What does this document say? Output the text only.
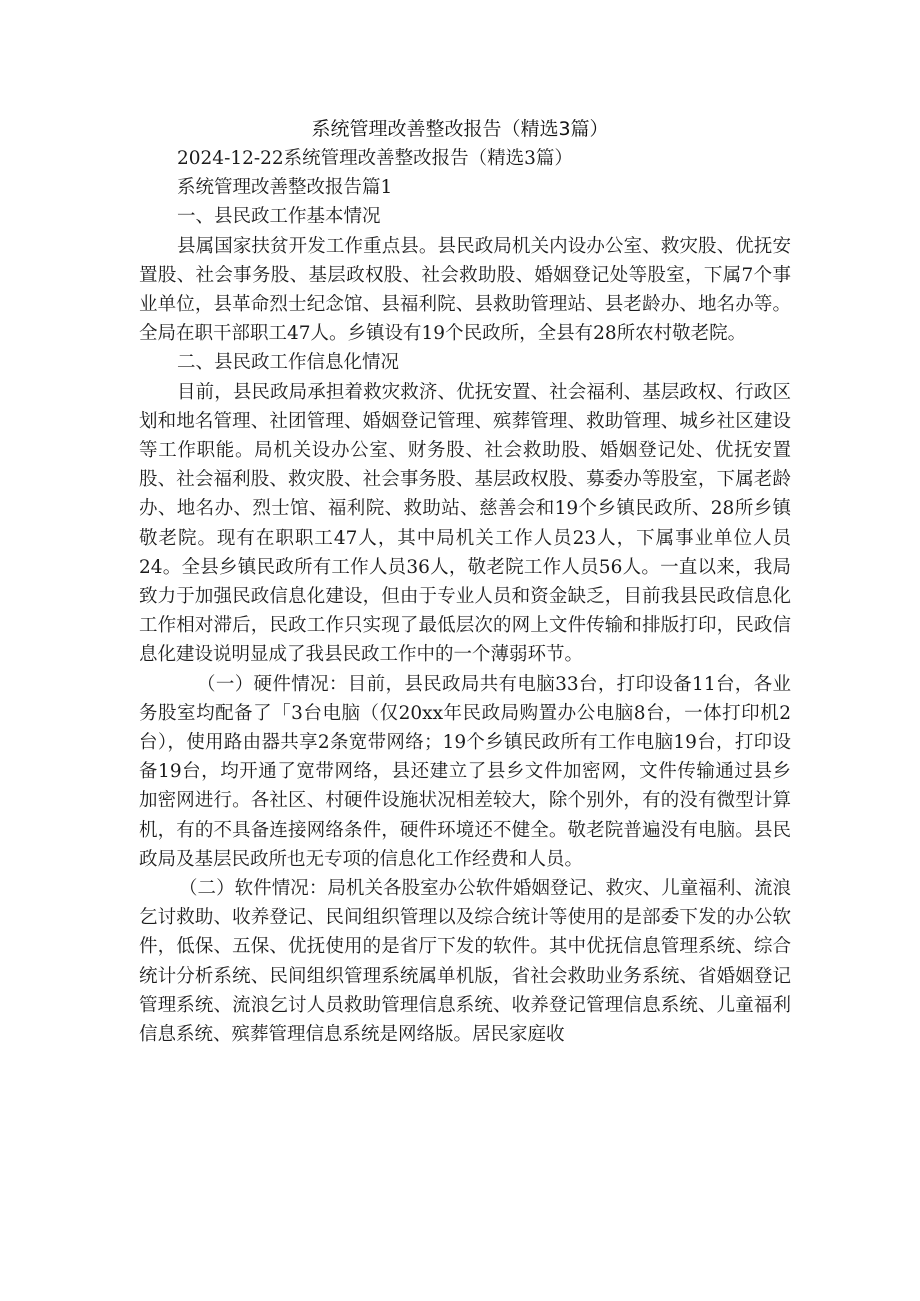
系统管理改善整改报告（精选3篇）

2024-12-22系统管理改善整改报告（精选3篇）

系统管理改善整改报告篇1

一、县民政工作基本情况

县属国家扶贫开发工作重点县。县民政局机关内设办公室、救灾股、优抚安置股、社会事务股、基层政权股、社会救助股、婚姻登记处等股室，下属7个事业单位，县革命烈士纪念馆、县福利院、县救助管理站、县老龄办、地名办等。全局在职干部职工47人。乡镇设有19个民政所，全县有28所农村敬老院。

二、县民政工作信息化情况

目前，县民政局承担着救灾救济、优抚安置、社会福利、基层政权、行政区划和地名管理、社团管理、婚姻登记管理、殡葬管理、救助管理、城乡社区建设等工作职能。局机关设办公室、财务股、社会救助股、婚姻登记处、优抚安置股、社会福利股、救灾股、社会事务股、基层政权股、募委办等股室，下属老龄办、地名办、烈士馆、福利院、救助站、慈善会和19个乡镇民政所、28所乡镇敬老院。现有在职职工47人，其中局机关工作人员23人，下属事业单位人员24。全县乡镇民政所有工作人员36人，敬老院工作人员56人。一直以来，我局致力于加强民政信息化建设，但由于专业人员和资金缺乏，目前我县民政信息化工作相对滞后，民政工作只实现了最低层次的网上文件传输和排版打印，民政信息化建设说明显成了我县民政工作中的一个薄弱环节。

（一）硬件情况：目前，县民政局共有电脑33台，打印设备11台，各业务股室均配备了「3台电脑（仅20xx年民政局购置办公电脑8台，一体打印机2台），使用路由器共享2条宽带网络；19个乡镇民政所有工作电脑19台，打印设备19台，均开通了宽带网络，县还建立了县乡文件加密网，文件传输通过县乡加密网进行。各社区、村硬件设施状况相差较大，除个别外，有的没有微型计算机，有的不具备连接网络条件，硬件环境还不健全。敬老院普遍没有电脑。县民政局及基层民政所也无专项的信息化工作经费和人员。

（二）软件情况：局机关各股室办公软件婚姻登记、救灾、儿童福利、流浪乞讨救助、收养登记、民间组织管理以及综合统计等使用的是部委下发的办公软件，低保、五保、优抚使用的是省厅下发的软件。其中优抚信息管理系统、综合统计分析系统、民间组织管理系统属单机版，省社会救助业务系统、省婚姻登记管理系统、流浪乞讨人员救助管理信息系统、收养登记管理信息系统、儿童福利信息系统、殡葬管理信息系统是网络版。居民家庭收
